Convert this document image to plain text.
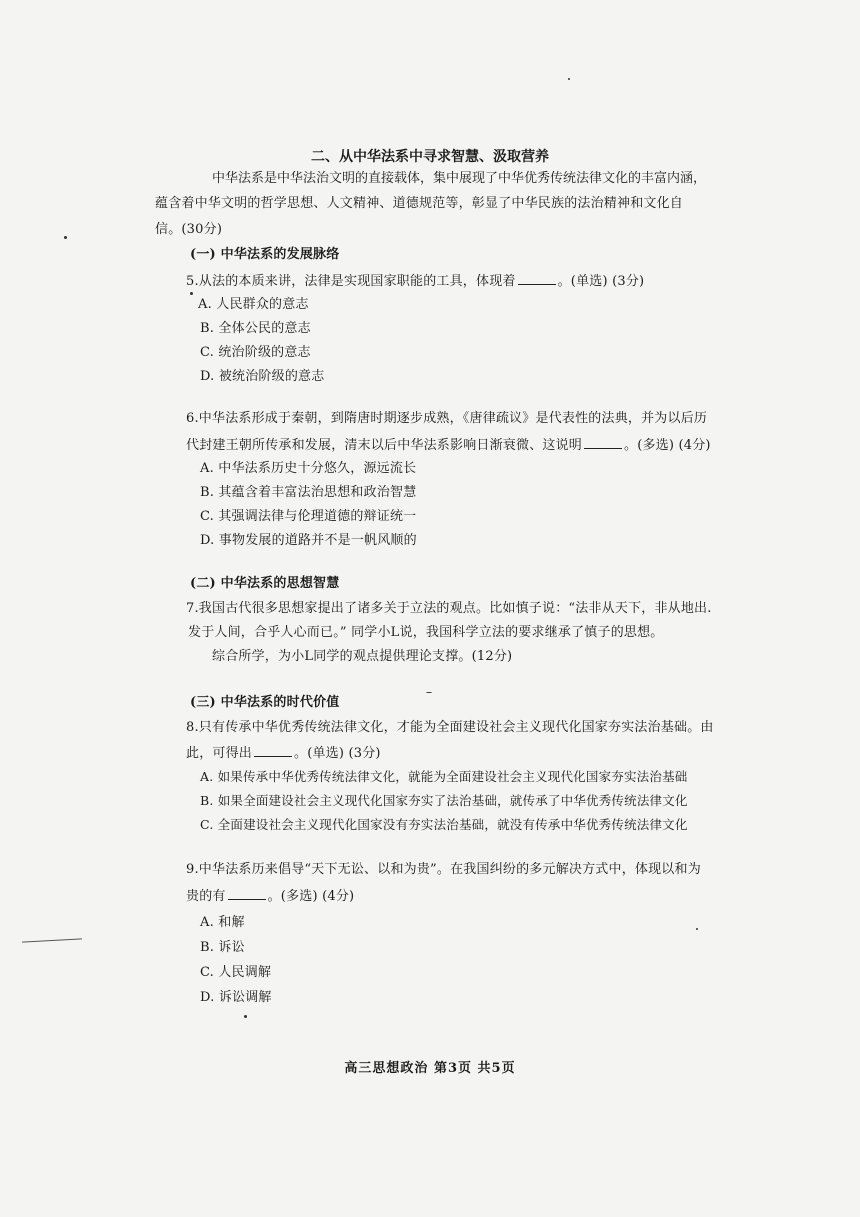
二、从中华法系中寻求智慧、汲取营养
中华法系是中华法治文明的直接载体，集中展现了中华优秀传统法律文化的丰富内涵，
蕴含着中华文明的哲学思想、人文精神、道德规范等，彰显了中华民族的法治精神和文化自
信。(30分)
(一) 中华法系的发展脉络
5.从法的本质来讲，法律是实现国家职能的工具，体现着	。(单选) (3分)
A. 人民群众的意志
B. 全体公民的意志
C. 统治阶级的意志
D. 被统治阶级的意志
6.中华法系形成于秦朝，到隋唐时期逐步成熟，《唐律疏议》是代表性的法典，并为以后历
代封建王朝所传承和发展，清末以后中华法系影响日渐衰微、这说明	。(多选) (4分)
A. 中华法系历史十分悠久，源远流长
B. 其蕴含着丰富法治思想和政治智慧
C. 其强调法律与伦理道德的辩证统一
D. 事物发展的道路并不是一帆风顺的
(二) 中华法系的思想智慧
7.我国古代很多思想家提出了诸多关于立法的观点。比如慎子说：“法非从天下，非从地出.
发于人间，合乎人心而已。” 同学小L说，我国科学立法的要求继承了慎子的思想。
综合所学，为小L同学的观点提供理论支撑。(12分)
(三) 中华法系的时代价值
8.只有传承中华优秀传统法律文化，才能为全面建设社会主义现代化国家夯实法治基础。由
此，可得出	。(单选) (3分)
A. 如果传承中华优秀传统法律文化，就能为全面建设社会主义现代化国家夯实法治基础
B. 如果全面建设社会主义现代化国家夯实了法治基础，就传承了中华优秀传统法律文化
C. 全面建设社会主义现代化国家没有夯实法治基础，就没有传承中华优秀传统法律文化
9.中华法系历来倡导“天下无讼、以和为贵”。在我国纠纷的多元解决方式中，体现以和为
贵的有	。(多选) (4分)
A. 和解
B. 诉讼
C. 人民调解
D. 诉讼调解
高三思想政治 第3页 共5页
